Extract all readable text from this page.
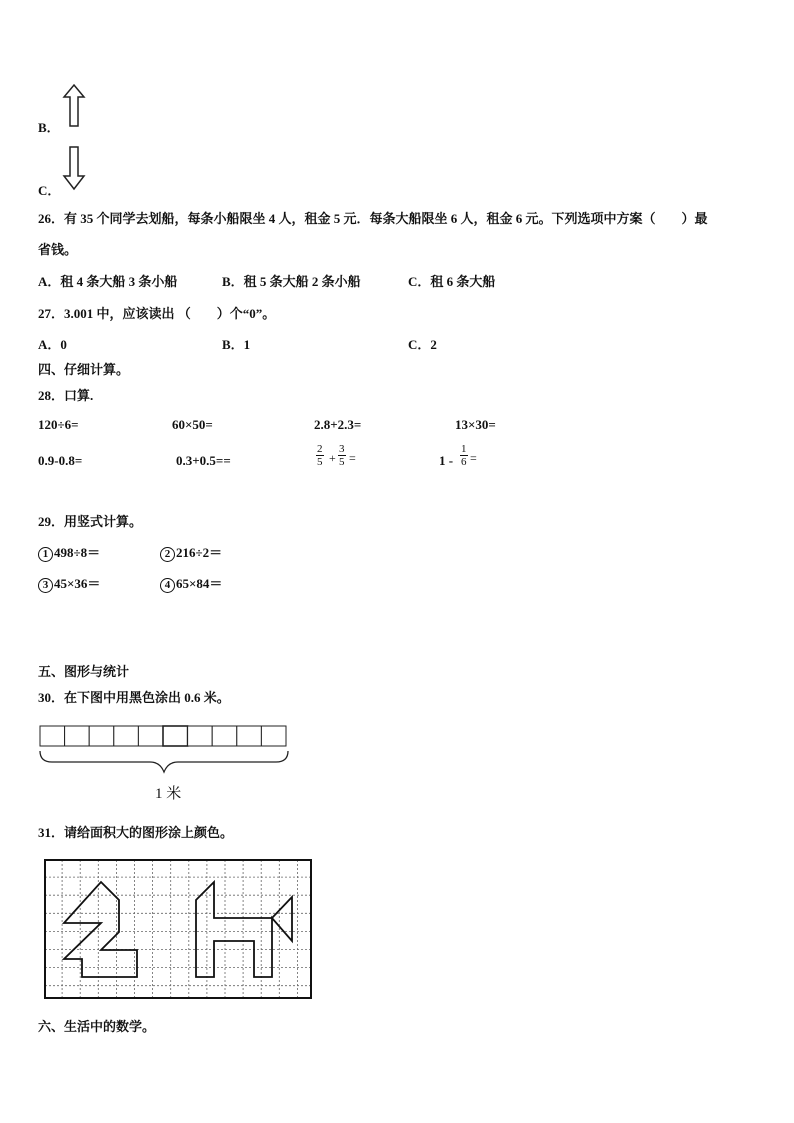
B．
C．
26．有 35 个同学去划船，每条小船限坐 4 人，租金 5 元．每条大船限坐 6 人，租金 6 元。下列选项中方案（　　）最
省钱。
A．租 4 条大船 3 条小船	B．租 5 条大船 2 条小船	C．租 6 条大船
27．3.001 中，应该读出 （　　）个“0”。
A．0	B．1	C．2
四、仔细计算。
28．口算.
120÷6=	60×50=	2.8+2.3=	13×30=
0.9-0.8=	0.3+0.5==	$\frac{2}{5} + \frac{3}{5}$ =	$1 - \frac{1}{6}$ =
29．用竖式计算。
1 498÷8＝	2 216÷2＝
3 45×36＝	4 65×84＝
五、图形与统计
30．在下图中用黑色涂出 0.6 米。
1 米
31．请给面积大的图形涂上颜色。
六、生活中的数学。
